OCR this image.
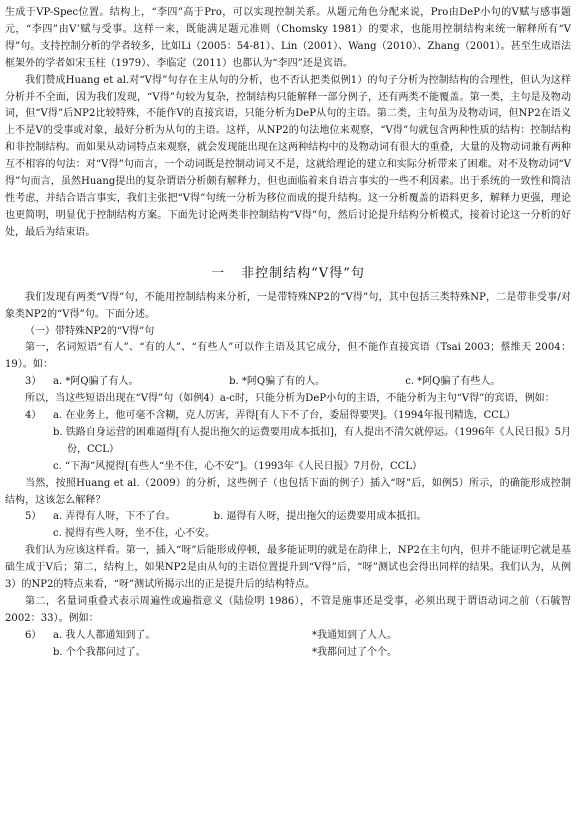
生成于VP-Spec位置。结构上，“李四”高于Pro，可以实现控制关系。从题元角色分配来说，Pro由DeP小句的V赋与感事题元，“李四”由V’赋与受事。这样一来，既能满足题元准则（Chomsky 1981）的要求，也能用控制结构来统一解释所有“V得”句。支持控制分析的学者较多，比如Li（2005：54-81）、Lin（2001）、Wang（2010）、Zhang（2001）。甚至生成语法框架外的学者如宋玉柱（1979）、李临定（2011）也都认为“李四”还是宾语。

我们赞成Huang et al.对“V得”句存在主从句的分析，也不否认把类似例1）的句子分析为控制结构的合理性，但认为这样分析并不全面，因为我们发现，“V得”句较为复杂，控制结构只能解释一部分例子，还有两类不能覆盖。第一类，主句是及物动词，但“V得”后NP2比较特殊，不能作V的直接宾语，只能分析为DeP从句的主语。第二类，主句虽为及物动词，但NP2在语义上不是V的受事或对象，最好分析为从句的主语。这样，从NP2的句法地位来观察，“V得”句就包含两种性质的结构：控制结构和非控制结构。而如果从动词特点来观察，就会发现能出现在这两种结构中的及物动词有很大的重叠，大量的及物动词兼有两种互不相容的句法：对“V得”句而言，一个动词既是控制动词又不是，这就给理论的建立和实际分析带来了困难。对不及物动词“V得”句而言，虽然Huang提出的复杂谓语分析颇有解释力，但也面临着来自语言事实的一些不利因素。出于系统的一致性和简洁性考虑，并结合语言事实，我们主张把“V得”句统一分析为移位而成的提升结构。这一分析覆盖的语料更多，解释力更强，理论也更简明，明显优于控制结构方案。下面先讨论两类非控制结构“V得”句，然后讨论提升结构分析模式，接着讨论这一分析的好处，最后为结束语。

一 非控制结构“V得”句

我们发现有两类“V得”句，不能用控制结构来分析，一是带特殊NP2的“V得”句，其中包括三类特殊NP，二是带非受事/对象类NP2的“V得”句。下面分述。

（一）带特殊NP2的“V得”句

第一，名词短语“有人”、“有的人”、“有些人”可以作主语及其它成分，但不能作直接宾语（Tsai 2003；蔡维天 2004：19）。如：

3） a. *阿Q骗了有人。	b. *阿Q骗了有的人。	c. *阿Q骗了有些人。

所以，当这些短语出现在“V得”句（如例4）a-c时，只能分析为DeP小句的主语，不能分析为主句“V得”的宾语，例如：

4） a. 在业务上，他可毫不含糊，克人厉害，弄得[有人下不了台，委屈得要哭]。（1994年报刊精选，CCL）

b. 铁路自身运营的困难逼得[有人提出拖欠的运费要用成本抵扣]，有人提出不清欠就停运。（1996年《人民日报》5月份，CCL）

c. “下海”风搅得[有些人“坐不住，心不安”]。（1993年《人民日报》7月份，CCL）

当然，按照Huang et al.（2009）的分析，这些例子（也包括下面的例子）插入“呀”后，如例5）所示，的确能形成控制结构，这该怎么解释？

5） a. 弄得有人呀，下不了台。	b. 逼得有人呀，提出拖欠的运费要用成本抵扣。
c. 搅得有些人呀，坐不住，心不安。

我们认为应该这样看。第一，插入“呀”后能形成停顿，最多能证明的就是在韵律上，NP2在主句内，但并不能证明它就是基础生成于V后；第二，结构上，如果NP2是由从句的主语位置提升到“V得”后，“呀”测试也会得出同样的结果。我们认为，从例3）的NP2的特点来看，“呀”测试所揭示出的正是提升后的结构特点。

第二，名量词重叠式表示周遍性或遍指意义（陆俭明 1986），不管是施事还是受事，必须出现于谓语动词之前（石毓智 2002：33）。例如：

6） a. 我人人都通知到了。	*我通知到了人人。
b. 个个我都问过了。	*我都问过了个个。
